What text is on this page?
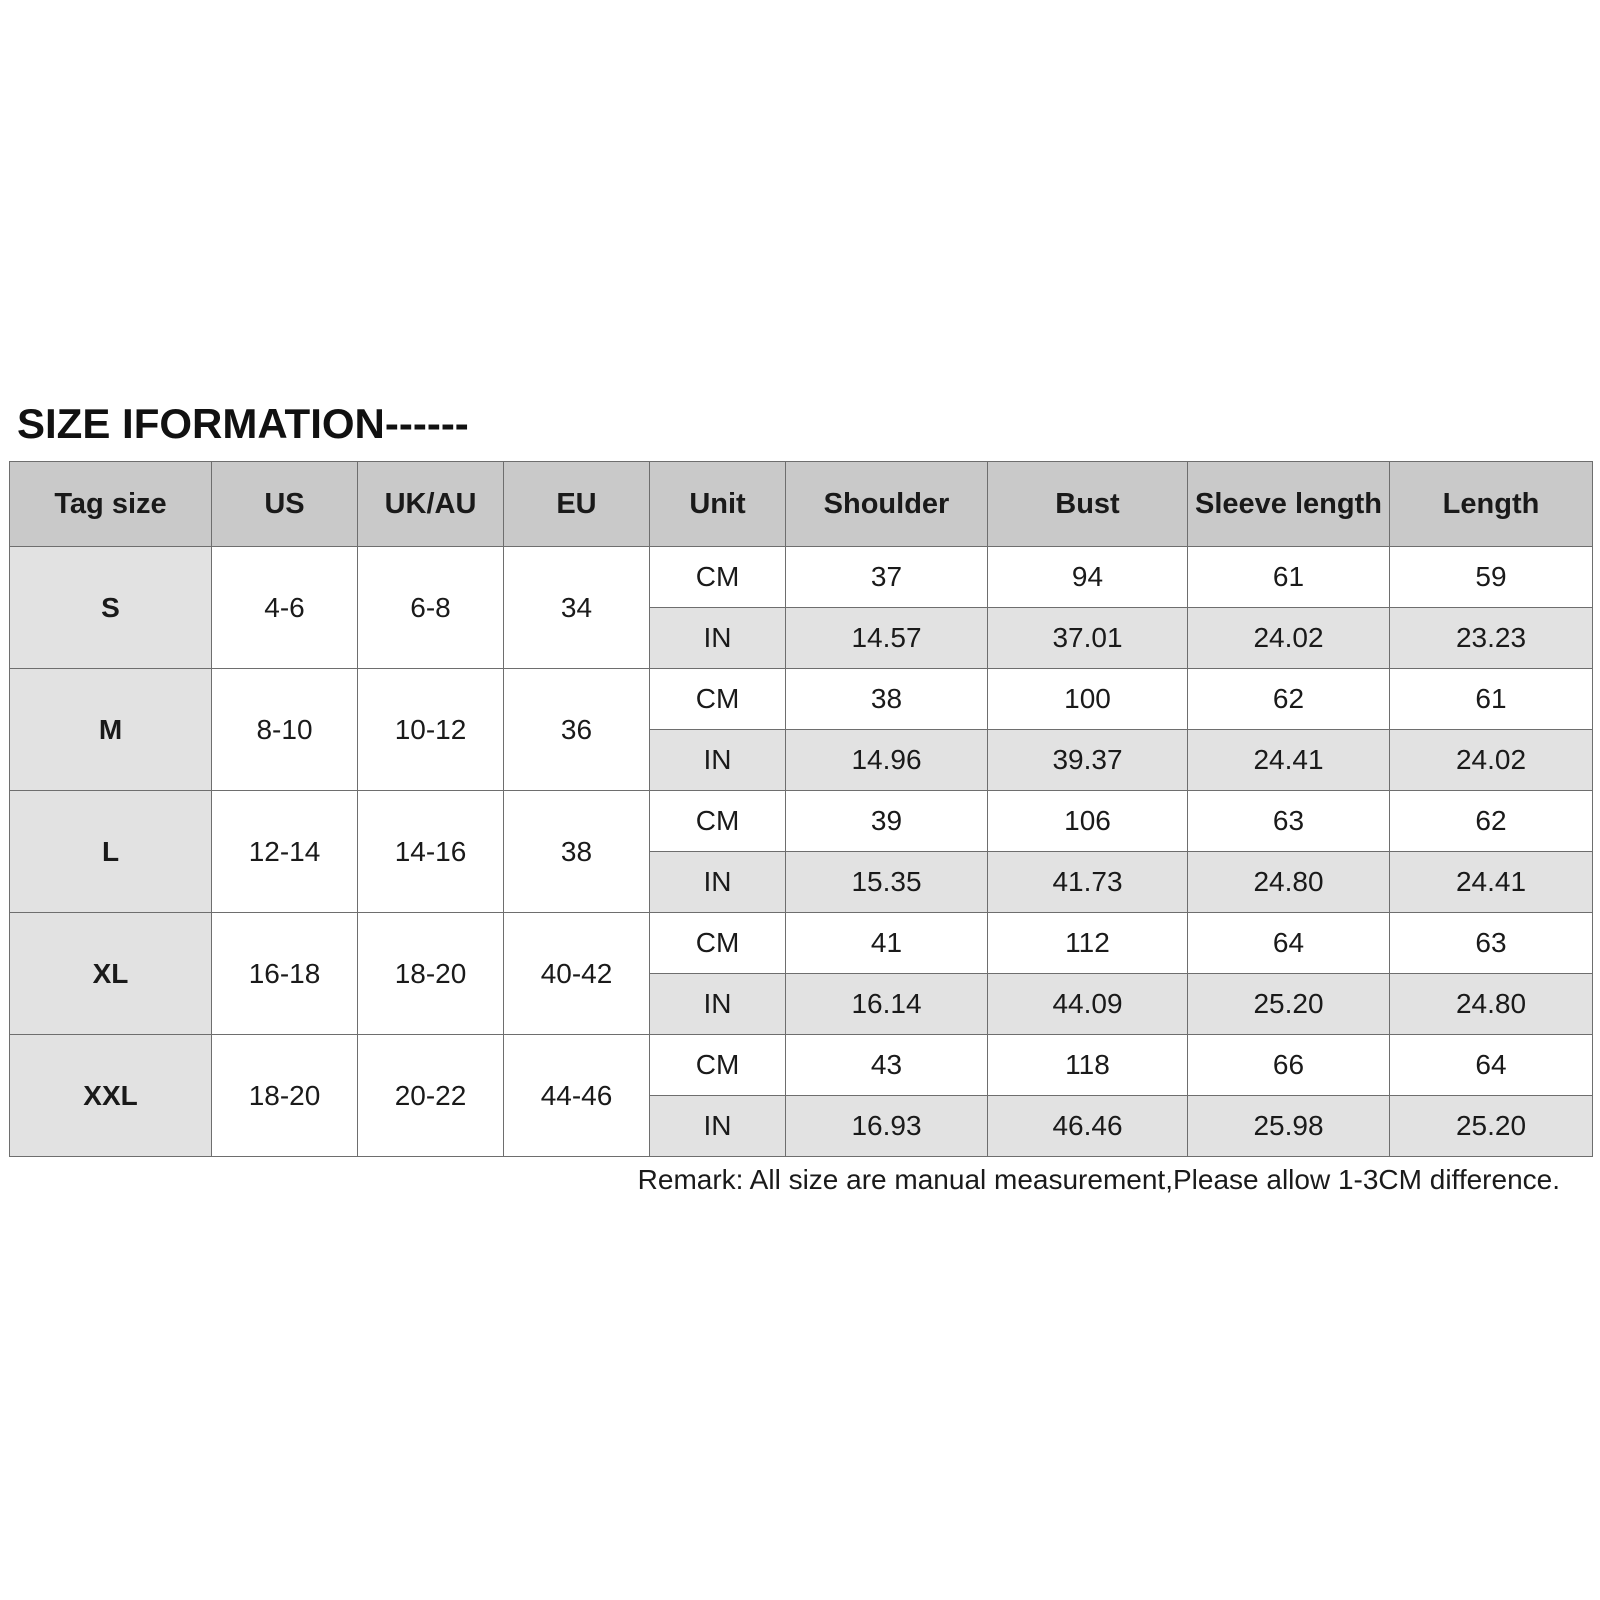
SIZE IFORMATION------
Tag size	US	UK/AU	EU	Unit	Shoulder	Bust	Sleeve length	Length
S	4-6	6-8	34	CM	37	94	61	59
				IN	14.57	37.01	24.02	23.23
M	8-10	10-12	36	CM	38	100	62	61
				IN	14.96	39.37	24.41	24.02
L	12-14	14-16	38	CM	39	106	63	62
				IN	15.35	41.73	24.80	24.41
XL	16-18	18-20	40-42	CM	41	112	64	63
				IN	16.14	44.09	25.20	24.80
XXL	18-20	20-22	44-46	CM	43	118	66	64
				IN	16.93	46.46	25.98	25.20
Remark: All size are manual measurement,Please allow 1-3CM difference.
